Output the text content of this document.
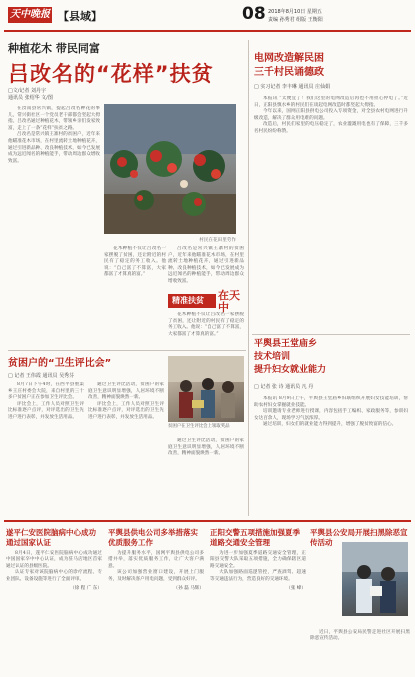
天中晚报 【县域】	08 2018年8月10日 星期五
责编 孙秀君 组版 王衡阳
种植花木 带民同富
吕改名的“花样”扶贫
□文/记者 刘丹宇
通讯员 张绍华 文/图

在汝南县常兴镇，提起吕改名种花的事儿，常兴街社区一个党员老干部都会竖起大拇指。吕改名通过种植花木，带领乡亲们发家致富，走上了一条“花样”扶贫之路。

吕改名是常兴镇王寨村的贫困户，近年来他瞄准花木市场，在村里流转土地种植花卉，通过引进新品种、改良种植技术，如今已发展成为远近闻名的种植能手，带动周边群众增收致富。

村民在花田里劳作

花木种植不仅让吕改名一家摆脱了贫困，还让附近的村民有了稳定的务工收入。他说：“自己富了不算富，大家都富了才算真的富。”

吕改名是常兴镇王寨村的贫困户，近年来他瞄准花木市场，在村里流转土地种植花卉，通过引进新品种、改良种植技术，如今已发展成为远近闻名的种植能手，带动周边群众增收致富。

精准扶贫 在天中

花木种植不仅让吕改名一家摆脱了贫困，还让附近的村民有了稳定的务工收入。他说：“自己富了不算富，大家都富了才算真的富。”

贫困户的“卫生评比会”
□ 记者 王伟霞 通讯员 吴秀芬

8月7日下午4时，在西平县重渠乡王庄村委会大院，来自村里的三十多户贫困户正在参加卫生评比会。

评比会上，工作人员对照卫生评比标准逐户点评，对评选出的卫生先进户进行表彰，并发放生活用品。

通过卫生评比活动，贫困户的家庭卫生意识明显增强，人居环境不断改善，精神面貌焕然一新。

评比会上，工作人员对照卫生评比标准逐户点评，对评选出的卫生先进户进行表彰，并发放生活用品。

贫困户在卫生评比会上领取奖品

通过卫生评比活动，贫困户的家庭卫生意识明显增强，人居环境不断改善，精神面貌焕然一新。

电网改造解民困
三千村民诵德政
□ 实习记者 李丰琳 通讯员 庄仙娟

本报讯 “太便宜了！我们这里的电网改造后再也不用担心停电了。”近日，正阳县慎水乡的村民们在谈起电网改造时都竖起大拇指。

今年以来，国网正阳县供电公司投入专项资金，对全县农村电网进行升级改造，解决了群众用电难的问题。

改造后，村民们家里的电压稳定了，农业灌溉用电也有了保障，三千多名村民纷纷称赞。

平舆县王堂庙乡
技术培训
提升妇女就业能力
□ 记者 张 诗 通讯员 凡 丹

本报讯 8月9日上午，平舆县王堂庙乡妇联组织开展妇女技能培训，帮助农村妇女掌握就业技能。

培训邀请专业老师进行授课，内容包括手工编织、家政服务等，参训妇女达百余人，现场学习气氛浓厚。

通过培训，妇女们的就业能力得到提升，增强了脱贫致富的信心。

遂平仁安医院脑病中心成功通过国家认证

8月4日，遂平仁安医院脑病中心成功通过中国国家卒中中心认证，成为驻马店地区首家通过认证的县级医院。

认证专家对该院脑病中心的诊疗流程、专业团队、设备设施等进行了全面评审。

（徐 程 广 东）
平舆县供电公司多举措落实优质服务工作

为提升服务水平，国网平舆县供电公司多措并举，落实优质服务工作，让广大客户满意。

该公司加强营业窗口建设，开展上门服务，及时解决客户用电问题，受到群众好评。

（孙 磊 马辉）
正阳交警五项措施加强夏季道路交通安全管理

为进一步加强夏季道路交通安全管理，正阳县交警大队采取五项措施，全力确保辖区道路交通安全。

大队加强路面巡逻管控，严查酒驾、超速等交通违法行为，营造良好的交通环境。

（张 峰）
平舆县公安局开展扫黑除恶宣传活动

近日，平舆县公安局民警走进社区开展扫黑除恶宣传活动。
